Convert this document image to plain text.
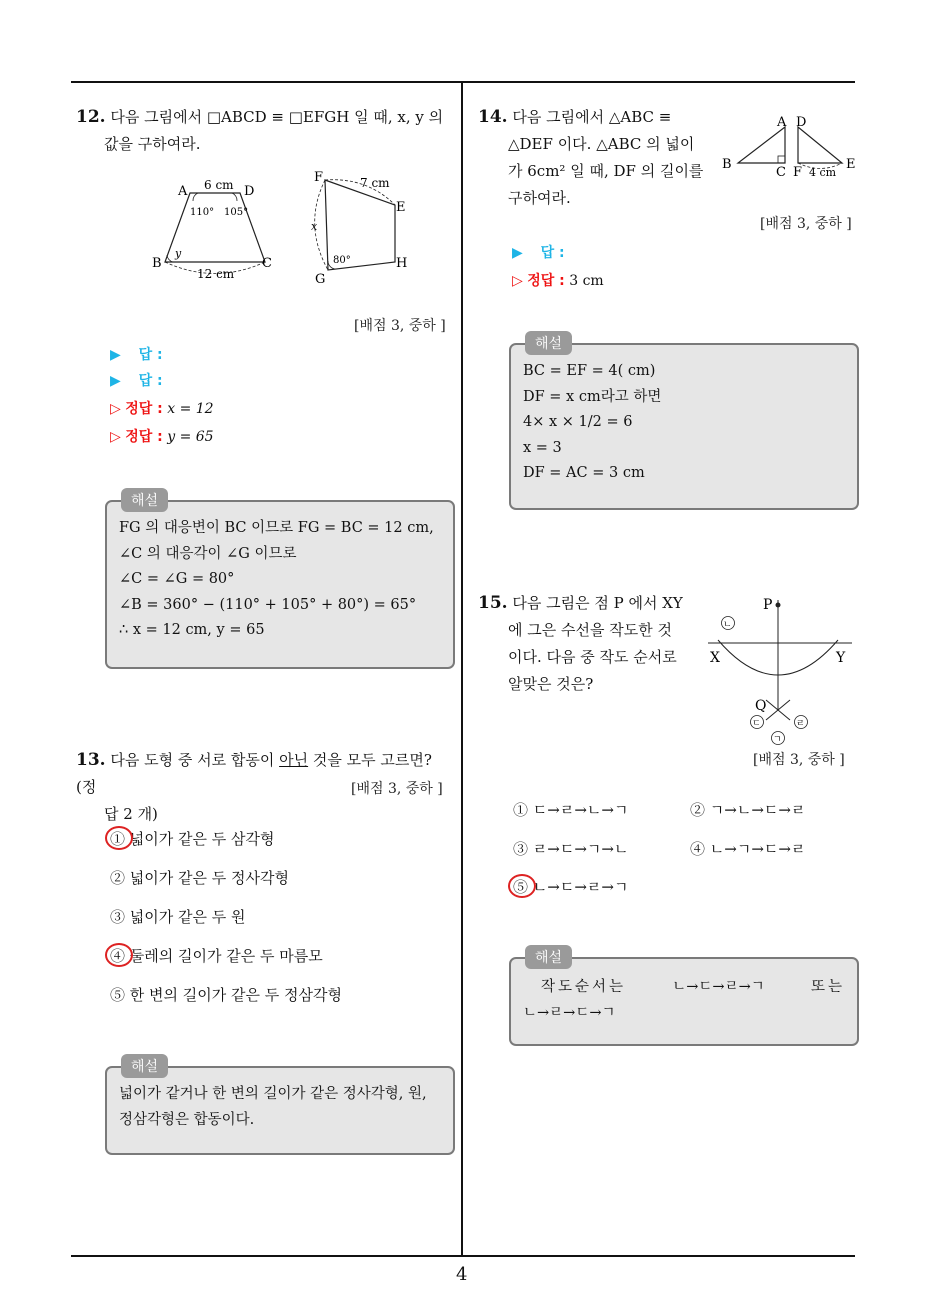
4
12. 다음 그림에서 □ABCD ≡ □EFGH 일 때, x, y 의
값을 구하여라.
A	D
B	C
6 cm
12 cm
110° 105°
y
F
E
G
H
7 cm
x
80°
[배점 3, 중하 ]
▶ 답 :
▶ 답 :
▷ 정답 : x = 12
▷ 정답 : y = 65
해설
FG 의 대응변이 BC 이므로 FG = BC = 12 cm,
∠C 의 대응각이 ∠G 이므로
∠C = ∠G = 80°
∠B = 360° − (110° + 105° + 80°) = 65°
∴ x = 12 cm, y = 65
13. 다음 도형 중 서로 합동이 아닌 것을 모두 고르면? (정
답 2 개)
[배점 3, 중하 ]
① 넓이가 같은 두 삼각형
② 넓이가 같은 두 정사각형
③ 넓이가 같은 두 원
④ 둘레의 길이가 같은 두 마름모
⑤ 한 변의 길이가 같은 두 정삼각형
해설
넓이가 같거나 한 변의 길이가 같은 정사각형, 원,
정삼각형은 합동이다.
14. 다음 그림에서 △ABC ≡
△DEF 이다. △ABC 의 넓이
가 6cm² 일 때, DF 의 길이를
구하여라.
A D
B
C F
E
4 cm
[배점 3, 중하 ]
▶ 답 :
▷ 정답 : 3 cm
해설
BC = EF = 4( cm)
DF = x cm라고 하면
4× x × 1/2 = 6
x = 3
DF = AC = 3 cm
15. 다음 그림은 점 P 에서 XY
에 그은 수선을 작도한 것
이다. 다음 중 작도 순서로
알맞은 것은?
P
X	Y
Q
ㄴ
ㄷ	ㄹ
ㄱ
[배점 3, 중하 ]
① ㄷ→ㄹ→ㄴ→ㄱ	② ㄱ→ㄴ→ㄷ→ㄹ
③ ㄹ→ㄷ→ㄱ→ㄴ	④ ㄴ→ㄱ→ㄷ→ㄹ
⑤ ㄴ→ㄷ→ㄹ→ㄱ
해설
작도순서는	ㄴ→ㄷ→ㄹ→ㄱ	또는
ㄴ→ㄹ→ㄷ→ㄱ
